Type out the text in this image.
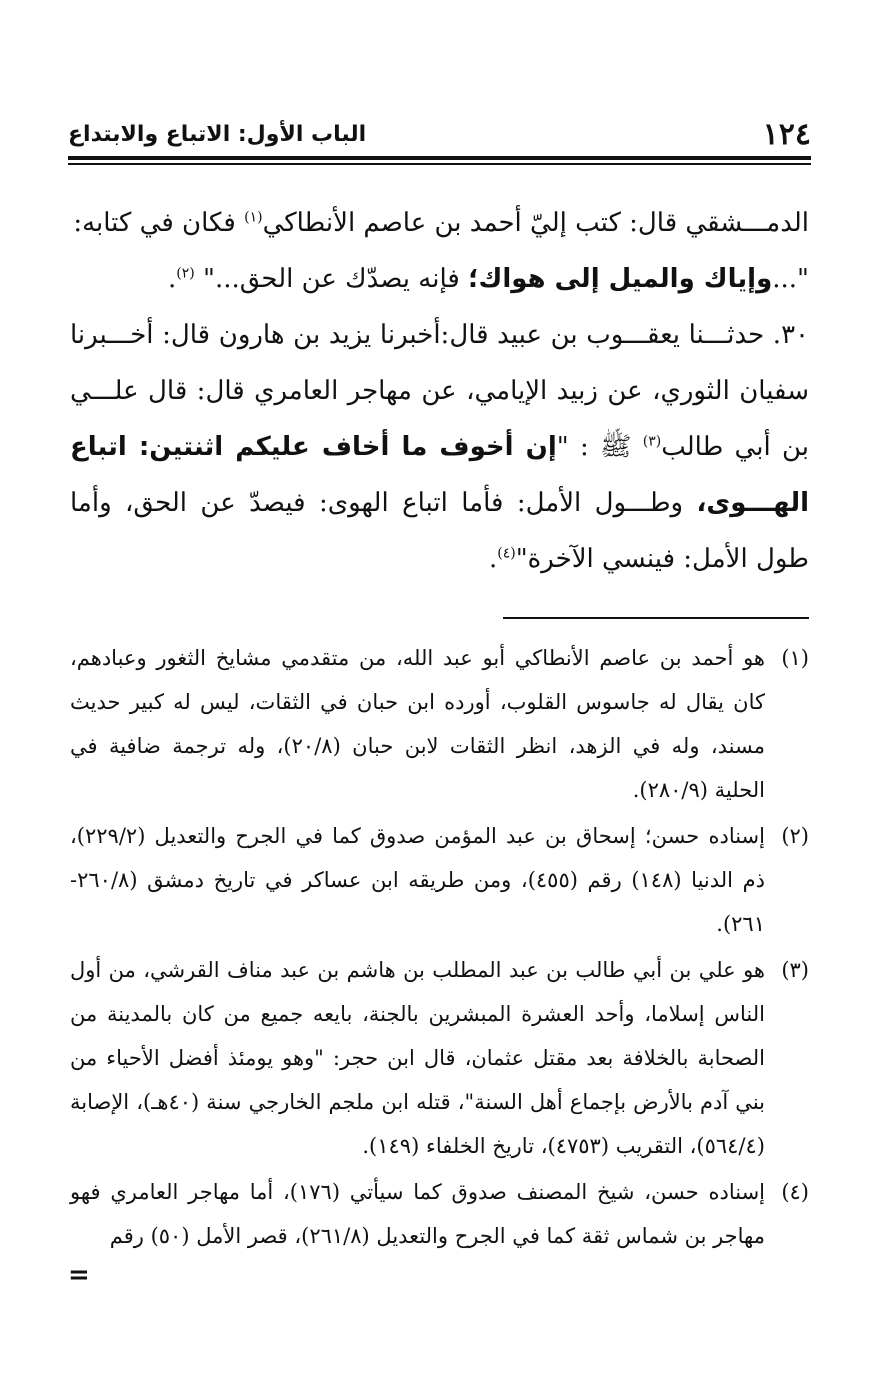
١٢٤
الباب الأول: الاتباع والابتداع

الدمـــشقي قال: كتب إليّ أحمد بن عاصم الأنطاكي$^{(١)}$ فكان في كتابه:

"...وإياك والميل إلى هواك؛ فإنه يصدّك عن الحق..." $^{(٢)}$.

٣٠. حدثـــنا يعقـــوب بن عبيد قال:أخبرنا يزيد بن هارون قال: أخـــبرنا سفيان الثوري، عن زبيد الإيامي، عن مهاجر العامري قال: قال علـــي بن أبي طالب$^{(٣)}$ ﷺ : "إن أخوف ما أخاف عليكم اثنتين: اتباع الهـــوى، وطـــول الأمل: فأما اتباع الهوى: فيصدّ عن الحق، وأما طول الأمل: فينسي الآخرة"$^{(٤)}$.

(١)
هو أحمد بن عاصم الأنطاكي أبو عبد الله، من متقدمي مشايخ الثغور وعبادهم، كان يقال له جاسوس القلوب، أورده ابن حبان في الثقات، ليس له كبير حديث مسند، وله في الزهد، انظر الثقات لابن حبان (٢٠/٨)، وله ترجمة ضافية في الحلية (٢٨٠/٩).
(٢)
إسناده حسن؛ إسحاق بن عبد المؤمن صدوق كما في الجرح والتعديل (٢٢٩/٢)، ذم الدنيا (١٤٨) رقم (٤٥٥)، ومن طريقه ابن عساكر في تاريخ دمشق (٢٦٠/٨- ٢٦١).
(٣)
هو علي بن أبي طالب بن عبد المطلب بن هاشم بن عبد مناف القرشي، من أول الناس إسلاما، وأحد العشرة المبشرين بالجنة، بايعه جميع من كان بالمدينة من الصحابة بالخلافة بعد مقتل عثمان، قال ابن حجر: "وهو يومئذ أفضل الأحياء من بني آدم بالأرض بإجماع أهل السنة"، قتله ابن ملجم الخارجي سنة (٤٠هـ)، الإصابة (٥٦٤/٤)، التقريب (٤٧٥٣)، تاريخ الخلفاء (١٤٩).
(٤)
إسناده حسن، شيخ المصنف صدوق كما سيأتي (١٧٦)، أما مهاجر العامري فهو مهاجر بن شماس ثقة كما في الجرح والتعديل (٢٦١/٨)، قصر الأمل (٥٠) رقم
=
